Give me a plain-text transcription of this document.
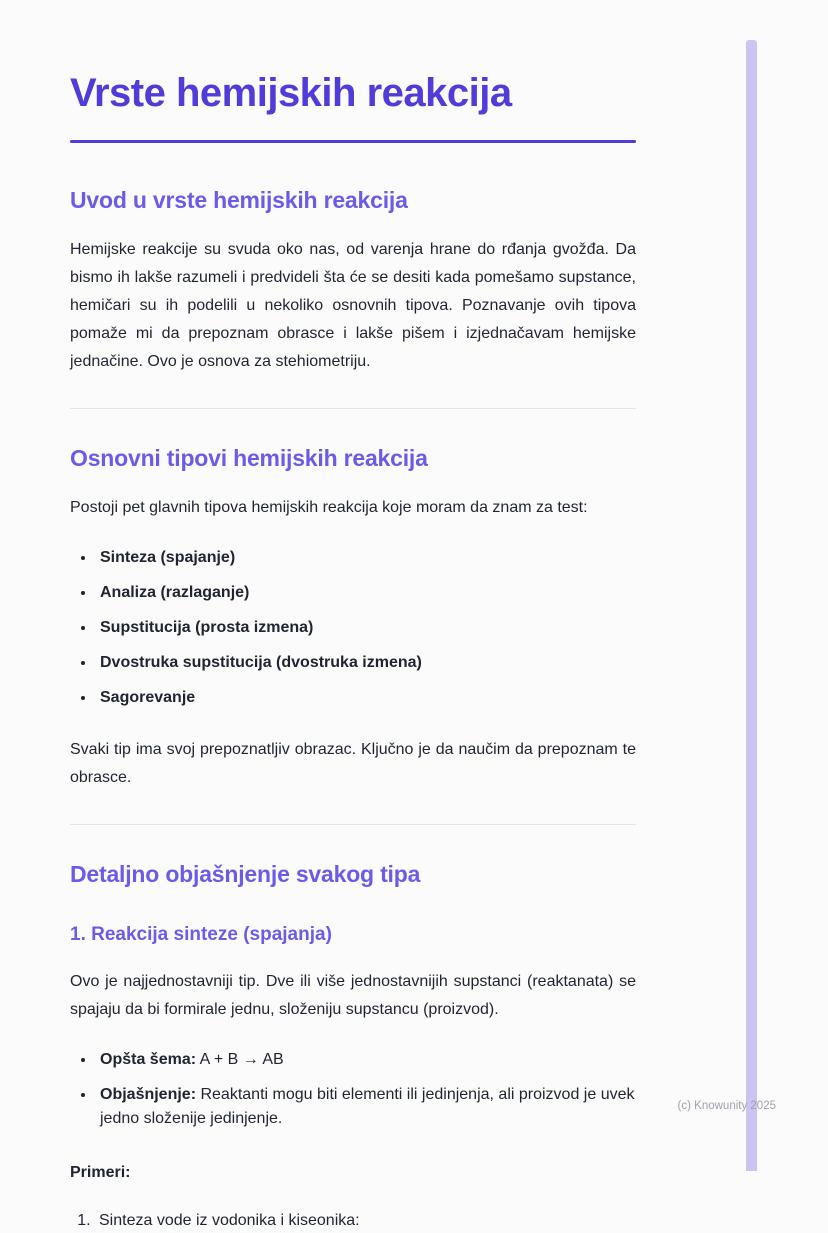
Vrste hemijskih reakcija
Uvod u vrste hemijskih reakcija

Hemijske reakcije su svuda oko nas, od varenja hrane do rđanja gvožđa. Da bismo ih lakše razumeli i predvideli šta će se desiti kada pomešamo supstance, hemičari su ih podelili u nekoliko osnovnih tipova. Poznavanje ovih tipova pomaže mi da prepoznam obrasce i lakše pišem i izjednačavam hemijske jednačine. Ovo je osnova za stehiometriju.

Osnovni tipovi hemijskih reakcija

Postoji pet glavnih tipova hemijskih reakcija koje moram da znam za test:

• Sinteza (spajanje)
• Analiza (razlaganje)
• Supstitucija (prosta izmena)
• Dvostruka supstitucija (dvostruka izmena)
• Sagorevanje

Svaki tip ima svoj prepoznatljiv obrazac. Ključno je da naučim da prepoznam te obrasce.

Detaljno objašnjenje svakog tipa
1. Reakcija sinteze (spajanja)

Ovo je najjednostavniji tip. Dve ili više jednostavnijih supstanci (reaktanata) se spajaju da bi formirale jednu, složeniju supstancu (proizvod).

• Opšta šema: A + B → AB
• Objašnjenje: Reaktanti mogu biti elementi ili jedinjenja, ali proizvod je uvek jedno složenije jedinjenje.

Primeri:

1. Sinteza vode iz vodonika i kiseonika:
(c) Knowunity 2025
